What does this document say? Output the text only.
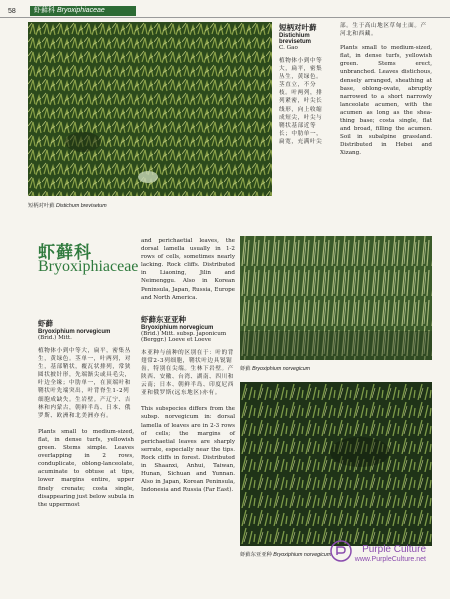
58	虾藓科 Bryoxiphiaceae
短柄对叶藓 Distichum brevisetum
短柄对叶藓
Distichium
brevisetum
C. Gao
植物体小到中等
大，扁平，密集
丛生，黄绿色。
茎直立，不分
枝。叶两列，排
列紧密，叶尖长
线形，向上收缩
成短尖，叶尖与
鞘状基部近等
长；中肋单一，
扁宽，充满叶尖
部。生于高山地区草甸土面。产河北和西藏。
Plants small to medium-sized, flat, in dense turfs, yellowish green. Stems erect, unbranched. Leaves distichous, densely arranged, sheathing at base, oblong-ovate, abruptly narrowed to a short narrowly lanceolate acumen, with the acumen as long as the shea-thing base; costa single, flat and broad, filling the acumen. Soil in subalpine grassland. Distributed in Hebei and Xizang.
虾藓科
Bryoxiphiaceae
虾藓
Bryoxiphium norvegicum
(Brid.) Mitt.
植物体小到中等大，扁平，密集丛生，黄绿色。茎单一，叶两列，对生，基部鞘状，覆瓦状排列，常狭圆状披针形，先端渐尖或具毛尖，叶边全缘；中肋单一，在顶端叶和鞘状叶先端突出，叶背脊生1-2列细胞成缺失。生岩壁。产辽宁、吉林和内蒙古，朝鲜半岛、日本、俄罗斯、欧洲和北美洲亦有。
Plants small to medium-sized, flat, in dense turfs, yellowish green. Stems simple. Leaves overlapping in 2 rows, conduplicate, oblong-lanceolate, acuminate to obtuse at tips, lower margins entire, upper finely crenate; costa single, disappearing just below subula in the uppermost
and perichaetial leaves, the dorsal lamella usually in 1-2 rows of cells, sometimes nearly lacking. Rock cliffs. Distributed in Liaoning, Jilin and Neimenggu. Also in Korean Peninsula, Japan, Russia, Europe and North America.
虾藓东亚亚种
Bryoxiphium norvegicum
(Brid.) Mitt. subsp. japonicum
(Berggr.) Loeve et Loeve
本亚种与前种的区别在于：叶的背翅常2-3列细胞，鞘状叶边具锐锯齿，特别在尖端。生林下岩壁。产陕西、安徽、台湾、湖南、四川和云南；日本、朝鲜半岛、印度尼西亚和俄罗斯(远东地区)亦有。
This subspecies differs from the subsp. norvegicum in: dorsal lamella of leaves are in 2-3 rows of cells; the margins of perichaetial leaves are sharply serrate, especially near the tips. Rock cliffs in forest. Distributed in Shaanxi, Anhui, Taiwan, Hunan, Sichuan and Yunnan. Also in Japan, Korean Peninsula, Indonesia and Russia (Far East).
虾藓 Bryoxiphium norvegicum
虾藓东亚亚种 Bryoxiphium norvegicum	Purple Culture
www.PurpleCulture.net
